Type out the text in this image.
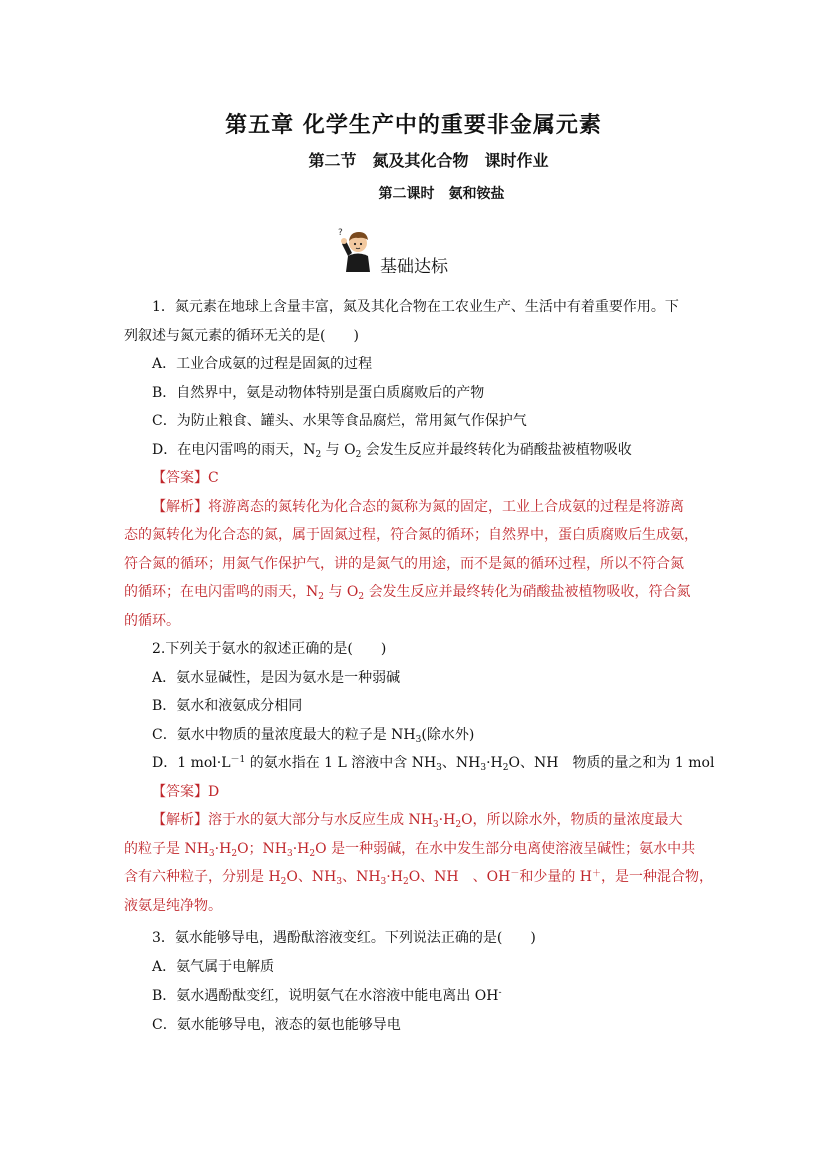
第五章 化学生产中的重要非金属元素
第二节　氮及其化合物　课时作业
第二课时　氨和铵盐
?
基础达标
1．氮元素在地球上含量丰富，氮及其化合物在工农业生产、生活中有着重要作用。下
列叙述与氮元素的循环无关的是(　　)
A．工业合成氨的过程是固氮的过程
B．自然界中，氨是动物体特别是蛋白质腐败后的产物
C．为防止粮食、罐头、水果等食品腐烂，常用氮气作保护气
D．在电闪雷鸣的雨天，$N_2$ 与 $O_2$ 会发生反应并最终转化为硝酸盐被植物吸收
【答案】C
【解析】将游离态的氮转化为化合态的氮称为氮的固定，工业上合成氨的过程是将游离
态的氮转化为化合态的氮，属于固氮过程，符合氮的循环；自然界中，蛋白质腐败后生成氨，
符合氮的循环；用氮气作保护气，讲的是氮气的用途，而不是氮的循环过程，所以不符合氮
的循环；在电闪雷鸣的雨天，$N_2$ 与 $O_2$ 会发生反应并最终转化为硝酸盐被植物吸收，符合氮
的循环。
2.下列关于氨水的叙述正确的是(　　)
A．氨水显碱性，是因为氨水是一种弱碱
B．氨水和液氨成分相同
C．氨水中物质的量浓度最大的粒子是 $NH_3$(除水外)
D．1 $mol\cdot L^{-1}$ 的氨水指在 1 L 溶液中含 $NH_3$、$NH_3\cdot H_2O$、NH　物质的量之和为 1 mol
【答案】D
【解析】溶于水的氨大部分与水反应生成 $NH_3\cdot H_2O$，所以除水外，物质的量浓度最大
的粒子是 $NH_3\cdot H_2O$；$NH_3\cdot H_2O$ 是一种弱碱，在水中发生部分电离使溶液呈碱性；氨水中共
含有六种粒子，分别是 $H_2O$、$NH_3$、$NH_3\cdot H_2O$、NH　、OH－和少量的 H＋，是一种混合物，
液氨是纯净物。
3．氨水能够导电，遇酚酞溶液变红。下列说法正确的是(　　)
A．氨气属于电解质
B．氨水遇酚酞变红，说明氨气在水溶液中能电离出 OH-
C．氨水能够导电，液态的氨也能够导电
